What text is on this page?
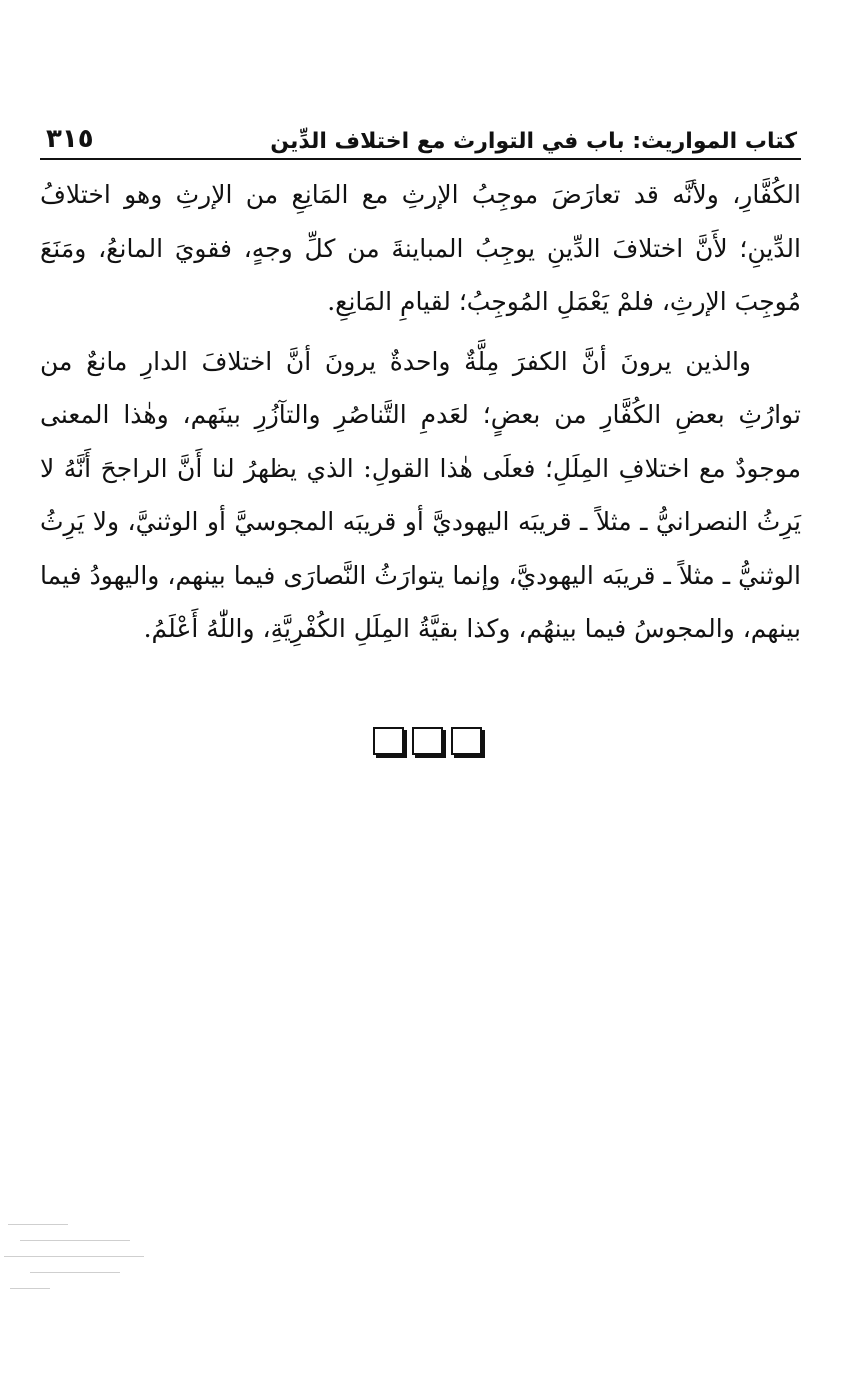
٣١٥	كتاب المواريث: باب في التوارث مع اختلاف الدِّين

الكُفَّارِ، ولأنَّه قد تعارَضَ موجِبُ الإرثِ مع المَانِعِ من الإرثِ وهو اختلافُ الدِّينِ؛ لأَنَّ اختلافَ الدِّينِ يوجِبُ المباينةَ من كلِّ وجهٍ، فقويَ المانعُ، ومَنَعَ مُوجِبَ الإرثِ، فلمْ يَعْمَلِ المُوجِبُ؛ لقيامِ المَانِعِ.

والذين يرونَ أنَّ الكفرَ مِلَّةٌ واحدةٌ يرونَ أنَّ اختلافَ الدارِ مانعٌ من توارُثِ بعضِ الكُفَّارِ من بعضٍ؛ لعَدمِ التَّناصُرِ والتآزُرِ بينَهم، وهٰذا المعنى موجودٌ مع اختلافِ المِلَلِ؛ فعلَى هٰذا القولِ: الذي يظهرُ لنا أَنَّ الراجحَ أَنَّهُ لا يَرِثُ النصرانيُّ ـ مثلاً ـ قريبَه اليهوديَّ أو قريبَه المجوسيَّ أو الوثنيَّ، ولا يَرِثُ الوثنيُّ ـ مثلاً ـ قريبَه اليهوديَّ، وإنما يتوارَثُ النَّصارَى فيما بينهم، واليهودُ فيما بينهم، والمجوسُ فيما بينهُم، وكذا بقيَّةُ المِلَلِ الكُفْرِيَّةِ، واللّٰهُ أَعْلَمُ.
